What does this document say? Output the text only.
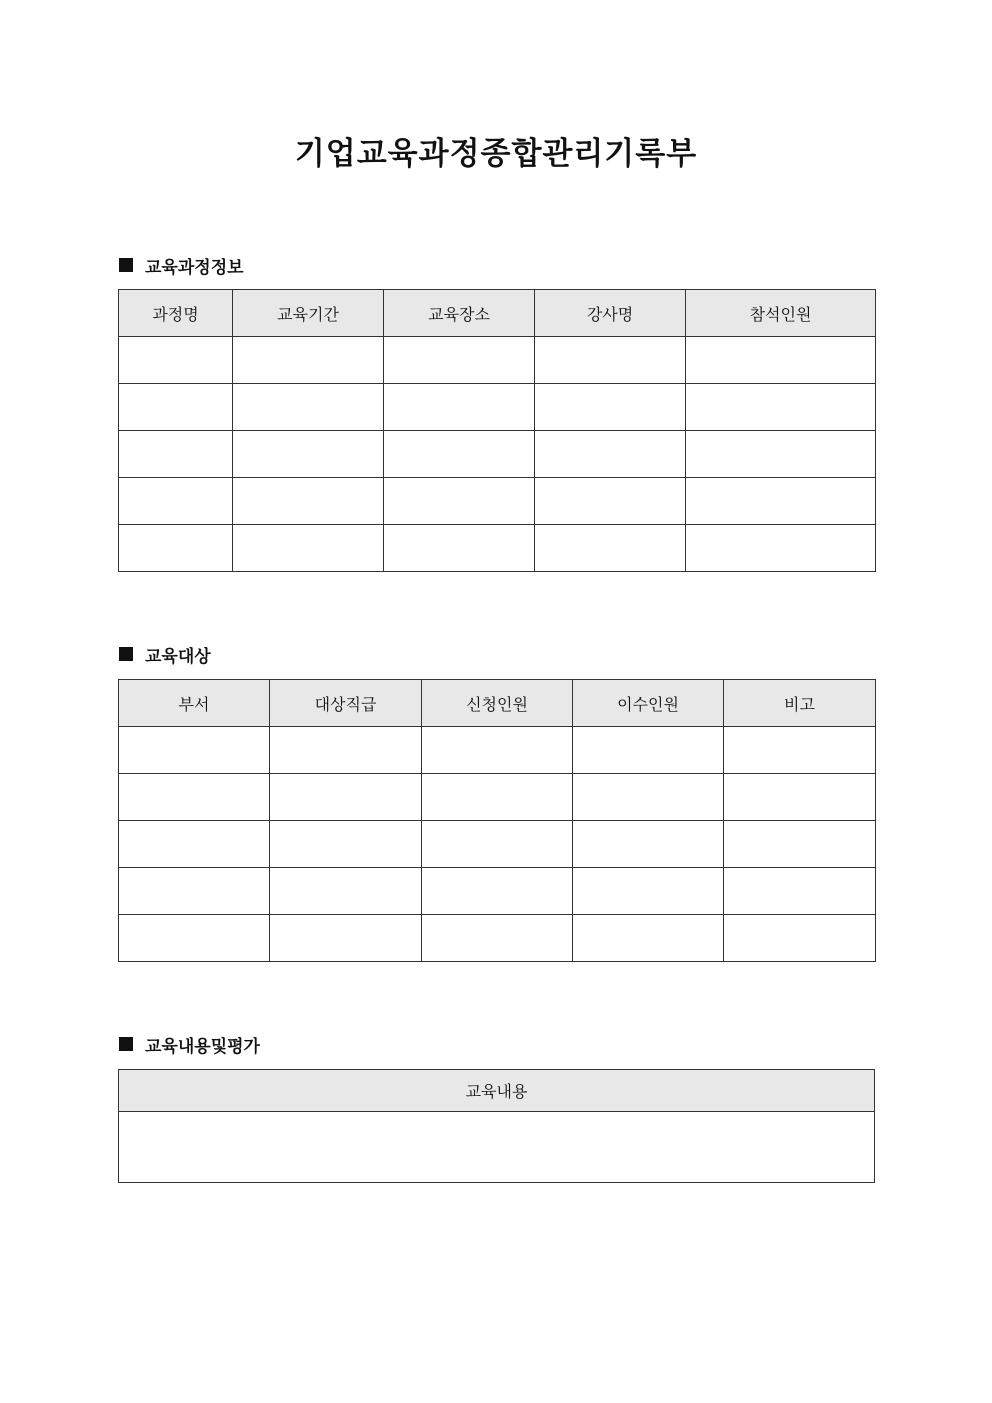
기업교육과정종합관리기록부
교육과정정보
과정명	교육기간	교육장소	강사명	참석인원

교육대상
부서	대상직급	신청인원	이수인원	비고

교육내용및평가
교육내용
